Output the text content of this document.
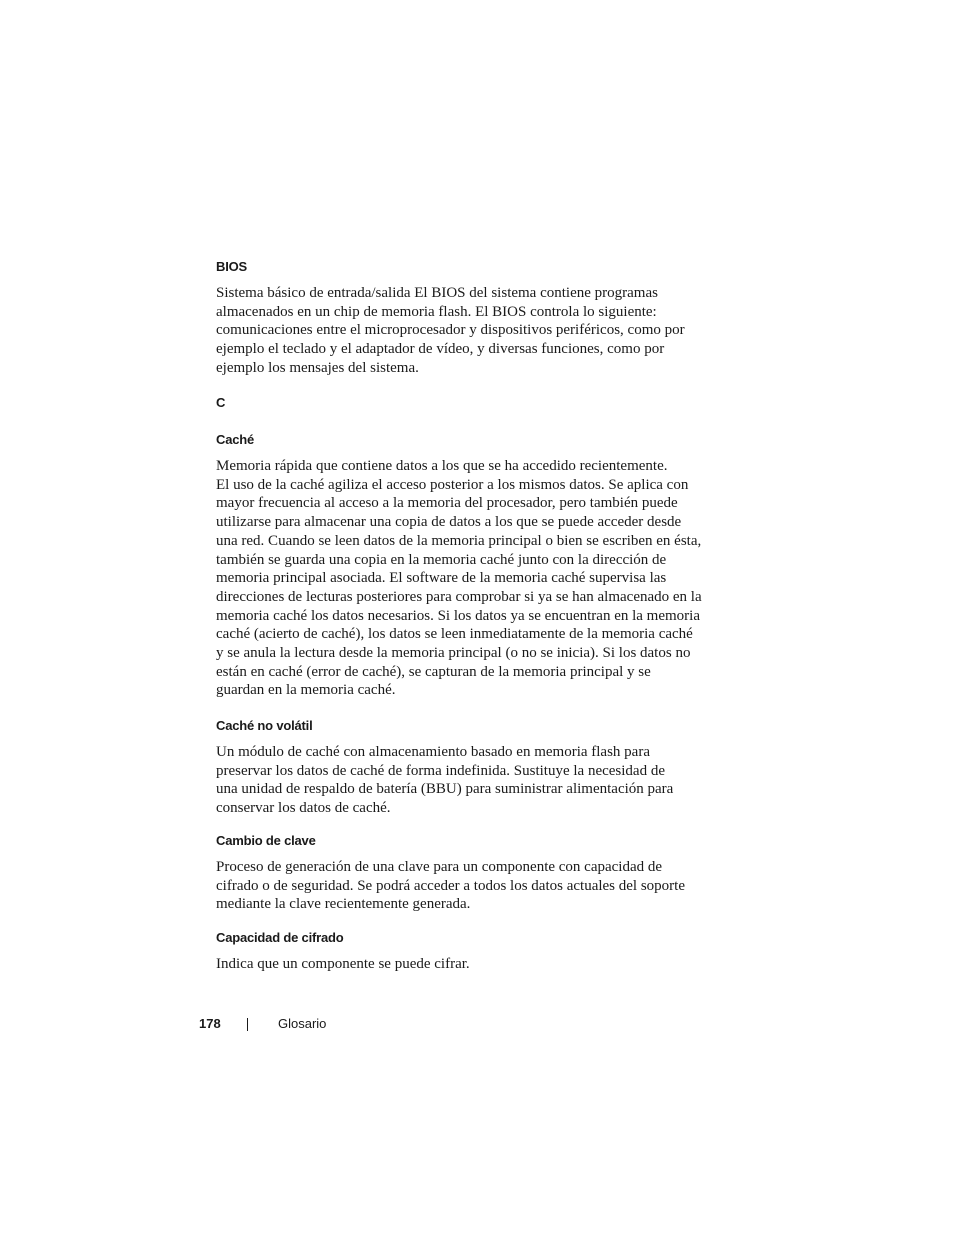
BIOS
Sistema básico de entrada/salida El BIOS del sistema contiene programas
almacenados en un chip de memoria flash. El BIOS controla lo siguiente:
comunicaciones entre el microprocesador y dispositivos periféricos, como por
ejemplo el teclado y el adaptador de vídeo, y diversas funciones, como por
ejemplo los mensajes del sistema.
C
Caché
Memoria rápida que contiene datos a los que se ha accedido recientemente.
El uso de la caché agiliza el acceso posterior a los mismos datos. Se aplica con
mayor frecuencia al acceso a la memoria del procesador, pero también puede
utilizarse para almacenar una copia de datos a los que se puede acceder desde
una red. Cuando se leen datos de la memoria principal o bien se escriben en ésta,
también se guarda una copia en la memoria caché junto con la dirección de
memoria principal asociada. El software de la memoria caché supervisa las
direcciones de lecturas posteriores para comprobar si ya se han almacenado en la
memoria caché los datos necesarios. Si los datos ya se encuentran en la memoria
caché (acierto de caché), los datos se leen inmediatamente de la memoria caché
y se anula la lectura desde la memoria principal (o no se inicia). Si los datos no
están en caché (error de caché), se capturan de la memoria principal y se
guardan en la memoria caché.
Caché no volátil
Un módulo de caché con almacenamiento basado en memoria flash para
preservar los datos de caché de forma indefinida. Sustituye la necesidad de
una unidad de respaldo de batería (BBU) para suministrar alimentación para
conservar los datos de caché.
Cambio de clave
Proceso de generación de una clave para un componente con capacidad de
cifrado o de seguridad. Se podrá acceder a todos los datos actuales del soporte
mediante la clave recientemente generada.
Capacidad de cifrado
Indica que un componente se puede cifrar.
178	Glosario
